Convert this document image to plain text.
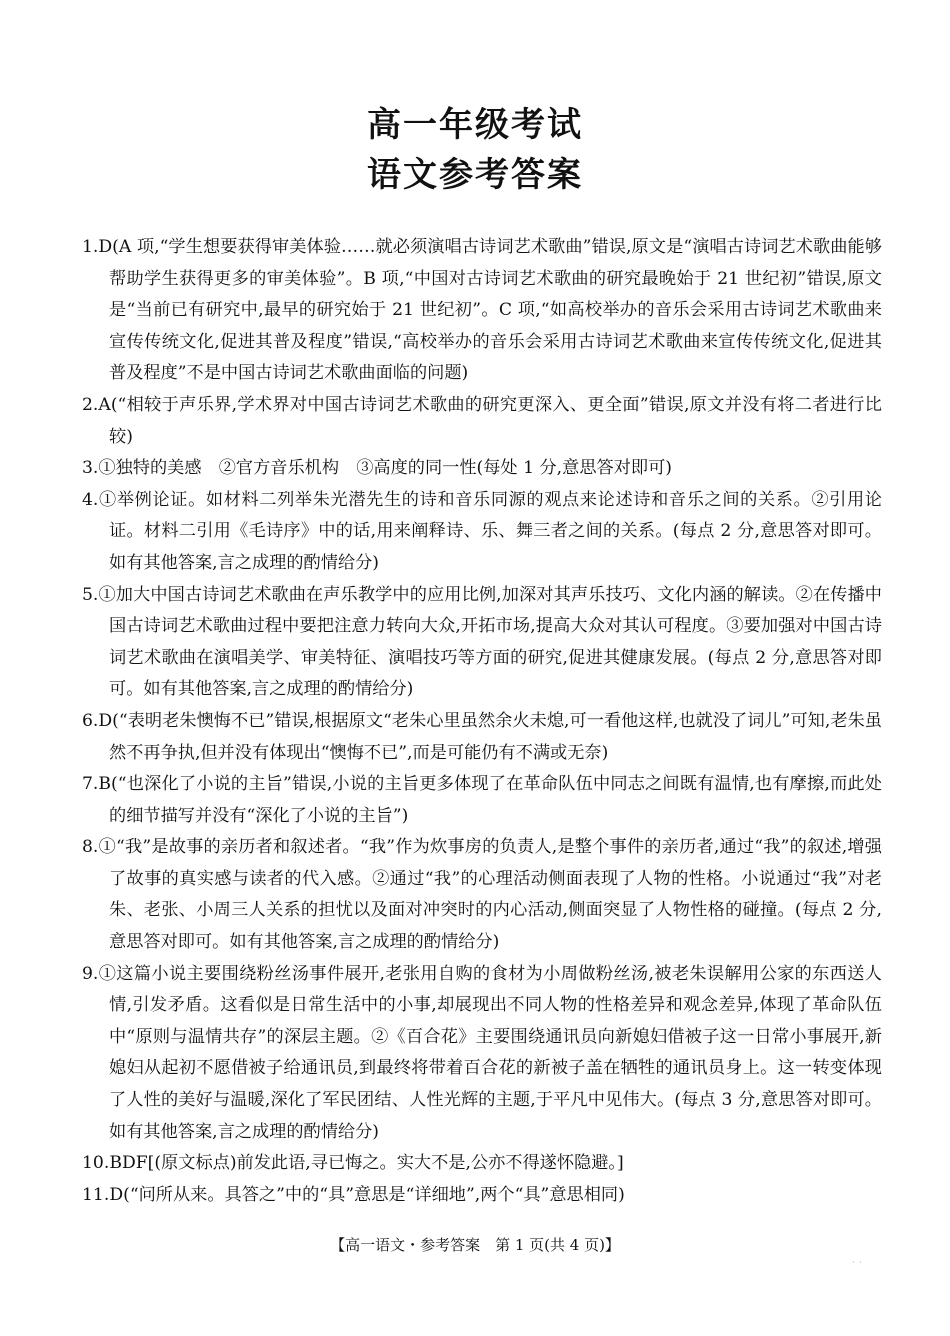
高一年级考试
语文参考答案
1.D(A 项,“学生想要获得审美体验……就必须演唱古诗词艺术歌曲”错误,原文是“演唱古诗词艺术歌曲能够帮助学生获得更多的审美体验”。B 项,“中国对古诗词艺术歌曲的研究最晚始于 21 世纪初”错误,原文是“当前已有研究中,最早的研究始于 21 世纪初”。C 项,“如高校举办的音乐会采用古诗词艺术歌曲来宣传传统文化,促进其普及程度”错误,“高校举办的音乐会采用古诗词艺术歌曲来宣传传统文化,促进其普及程度”不是中国古诗词艺术歌曲面临的问题)
2.A(“相较于声乐界,学术界对中国古诗词艺术歌曲的研究更深入、更全面”错误,原文并没有将二者进行比较)
3.①独特的美感　②官方音乐机构　③高度的同一性(每处 1 分,意思答对即可)
4.①举例论证。如材料二列举朱光潜先生的诗和音乐同源的观点来论述诗和音乐之间的关系。②引用论证。材料二引用《毛诗序》中的话,用来阐释诗、乐、舞三者之间的关系。(每点 2 分,意思答对即可。如有其他答案,言之成理的酌情给分)
5.①加大中国古诗词艺术歌曲在声乐教学中的应用比例,加深对其声乐技巧、文化内涵的解读。②在传播中国古诗词艺术歌曲过程中要把注意力转向大众,开拓市场,提高大众对其认可程度。③要加强对中国古诗词艺术歌曲在演唱美学、审美特征、演唱技巧等方面的研究,促进其健康发展。(每点 2 分,意思答对即可。如有其他答案,言之成理的酌情给分)
6.D(“表明老朱懊悔不已”错误,根据原文“老朱心里虽然余火未熄,可一看他这样,也就没了词儿”可知,老朱虽然不再争执,但并没有体现出“懊悔不已”,而是可能仍有不满或无奈)
7.B(“也深化了小说的主旨”错误,小说的主旨更多体现了在革命队伍中同志之间既有温情,也有摩擦,而此处的细节描写并没有“深化了小说的主旨”)
8.①“我”是故事的亲历者和叙述者。“我”作为炊事房的负责人,是整个事件的亲历者,通过“我”的叙述,增强了故事的真实感与读者的代入感。②通过“我”的心理活动侧面表现了人物的性格。小说通过“我”对老朱、老张、小周三人关系的担忧以及面对冲突时的内心活动,侧面突显了人物性格的碰撞。(每点 2 分,意思答对即可。如有其他答案,言之成理的酌情给分)
9.①这篇小说主要围绕粉丝汤事件展开,老张用自购的食材为小周做粉丝汤,被老朱误解用公家的东西送人情,引发矛盾。这看似是日常生活中的小事,却展现出不同人物的性格差异和观念差异,体现了革命队伍中“原则与温情共存”的深层主题。②《百合花》主要围绕通讯员向新媳妇借被子这一日常小事展开,新媳妇从起初不愿借被子给通讯员,到最终将带着百合花的新被子盖在牺牲的通讯员身上。这一转变体现了人性的美好与温暖,深化了军民团结、人性光辉的主题,于平凡中见伟大。(每点 3 分,意思答对即可。如有其他答案,言之成理的酌情给分)
10.BDF[(原文标点)前发此语,寻已悔之。实大不是,公亦不得遂怀隐避。]
11.D(“问所从来。具答之”中的“具”意思是“详细地”,两个“具”意思相同)
【高一语文・参考答案　第 1 页(共 4 页)】
· ·
